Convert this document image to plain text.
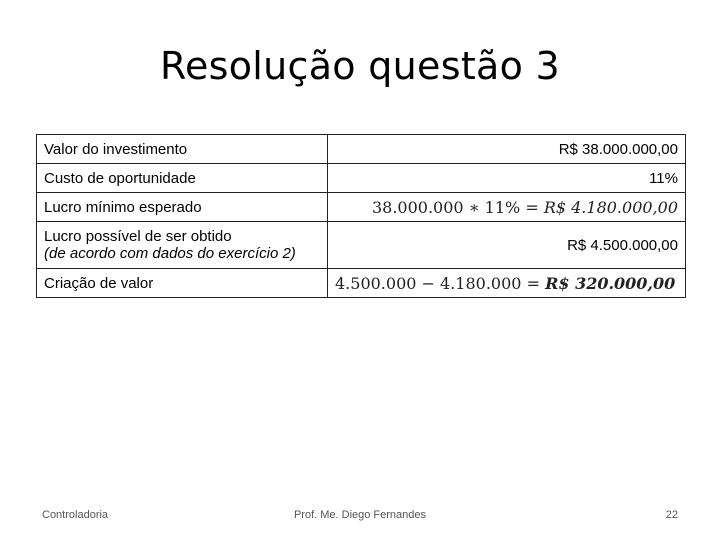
Resolução questão 3
Valor do investimento	R$ 38.000.000,00
Custo de oportunidade	11%
Lucro mínimo esperado	38.000.000 ∗ 11% = R$ 4.180.000,00
Lucro possível de ser obtido
(de acordo com dados do exercício 2)	R$ 4.500.000,00
Criação de valor	4.500.000 − 4.180.000 = R$ 320.000,00
Controladoria	Prof. Me. Diego Fernandes	22
